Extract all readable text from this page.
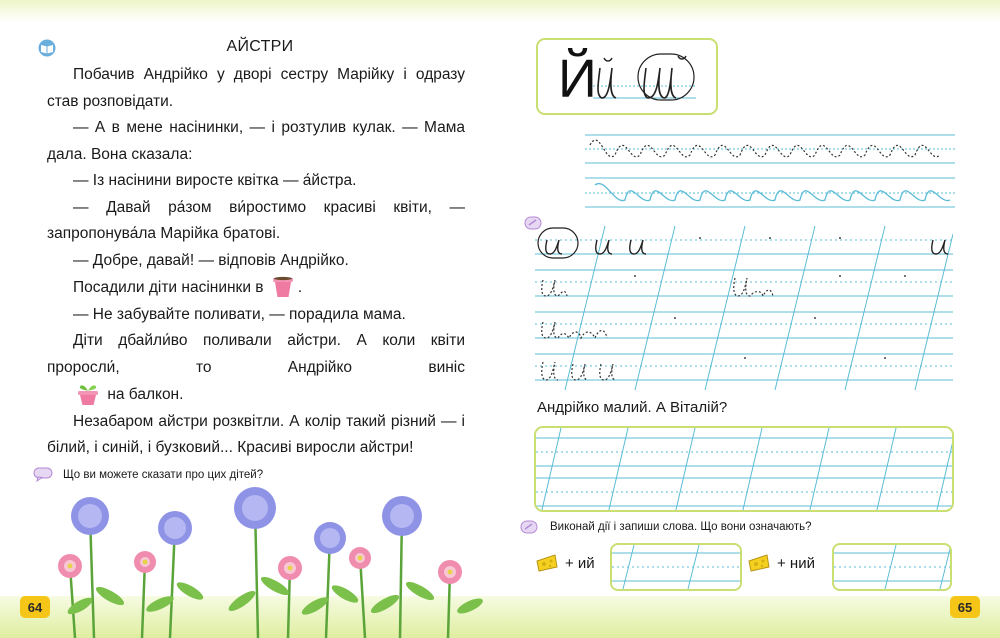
АЙСТРИ

Побачив Андрійко у дворі сестру Марійку і одразу став розповідати.

— А в мене насінинки, — і розтулив кулак. — Мама дала. Вона сказала:

— Із насінини виросте квітка — а́йстра.

— Давай ра́зом ви́ростимо красиві квіти, — запропонува́ла Марійка братові.

— Добре, давай! — відповів Андрійко.

Посадили діти насінинки в .

— Не забувайте поливати, — порадила мама.

Діти дбайли́во поливали айстри. А коли квіти проросли́, то Андрійко виніс

на балкон.

Незабаром айстри розквітли. А колір такий різний — і білий, і синій, і бузковий... Красиві виросли айстри!

Що ви можете сказати про цих дітей?
64
Й
Андрійко малий. А Віталій?
Виконай дії і запиши слова. Що вони означають?
+ ий	+ ний
65
